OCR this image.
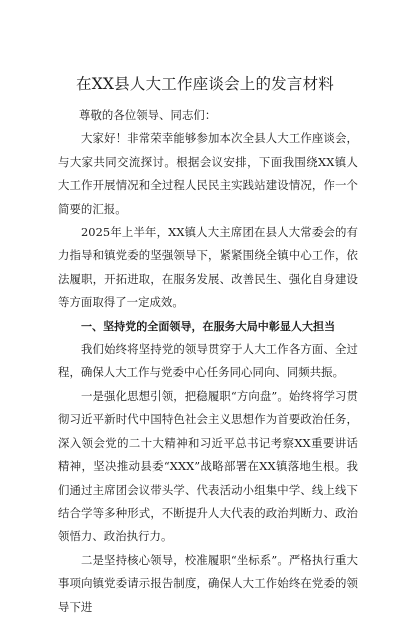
在XX县人大工作座谈会上的发言材料

尊敬的各位领导、同志们：

大家好！非常荣幸能够参加本次全县人大工作座谈会，与大家共同交流探讨。根据会议安排，下面我围绕XX镇人大工作开展情况和全过程人民民主实践站建设情况，作一个简要的汇报。

2025年上半年，XX镇人大主席团在县人大常委会的有力指导和镇党委的坚强领导下，紧紧围绕全镇中心工作，依法履职，开拓进取，在服务发展、改善民生、强化自身建设等方面取得了一定成效。

一、坚持党的全面领导，在服务大局中彰显人大担当

我们始终将坚持党的领导贯穿于人大工作各方面、全过程，确保人大工作与党委中心任务同心同向、同频共振。

一是强化思想引领，把稳履职“方向盘”。始终将学习贯彻习近平新时代中国特色社会主义思想作为首要政治任务，深入领会党的二十大精神和习近平总书记考察XX重要讲话精神，坚决推动县委“XXX”战略部署在XX镇落地生根。我们通过主席团会议带头学、代表活动小组集中学、线上线下结合学等多种形式，不断提升人大代表的政治判断力、政治领悟力、政治执行力。

二是坚持核心领导，校准履职“坐标系”。严格执行重大事项向镇党委请示报告制度，确保人大工作始终在党委的领导下进
